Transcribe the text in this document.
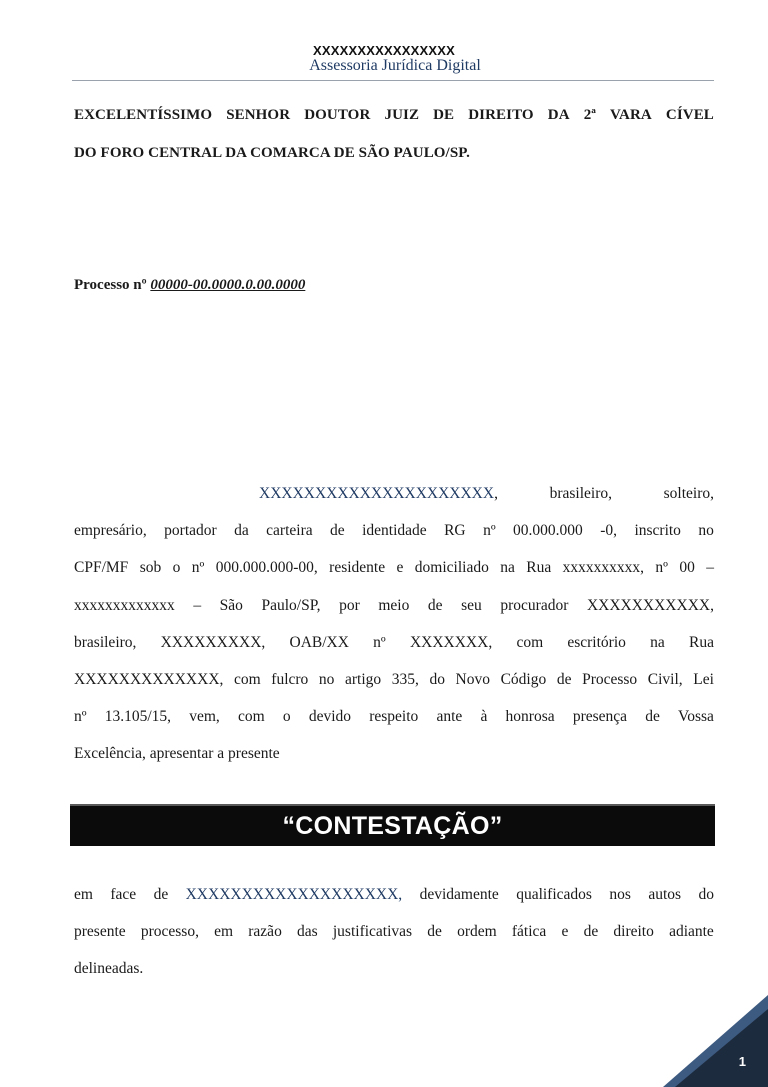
XXXXXXXXXXXXXXXX
Assessoria Jurídica Digital
EXCELENTÍSSIMO SENHOR DOUTOR JUIZ DE DIREITO DA 2ª VARA CÍVEL
DO FORO CENTRAL DA COMARCA DE SÃO PAULO/SP.
Processo nº 00000-00.0000.0.00.0000
XXXXXXXXXXXXXXXXXXXXX,	brasileiro,	solteiro,
empresário, portador da carteira de identidade RG nº 00.000.000 -0, inscrito no
CPF/MF sob o nº 000.000.000-00, residente e domiciliado na Rua xxxxxxxxxx, nº 00 –
xxxxxxxxxxxxx – São Paulo/SP, por meio de seu procurador XXXXXXXXXXX,
brasileiro, XXXXXXXXX, OAB/XX nº XXXXXXX, com escritório na Rua
XXXXXXXXXXXXX, com fulcro no artigo 335, do Novo Código de Processo Civil, Lei
nº 13.105/15, vem, com o devido respeito ante à honrosa presença de Vossa
Excelência, apresentar a presente
“CONTESTAÇÃO”
em face de XXXXXXXXXXXXXXXXXXX, devidamente qualificados nos autos do
presente processo, em razão das justificativas de ordem fática e de direito adiante
delineadas.
1
